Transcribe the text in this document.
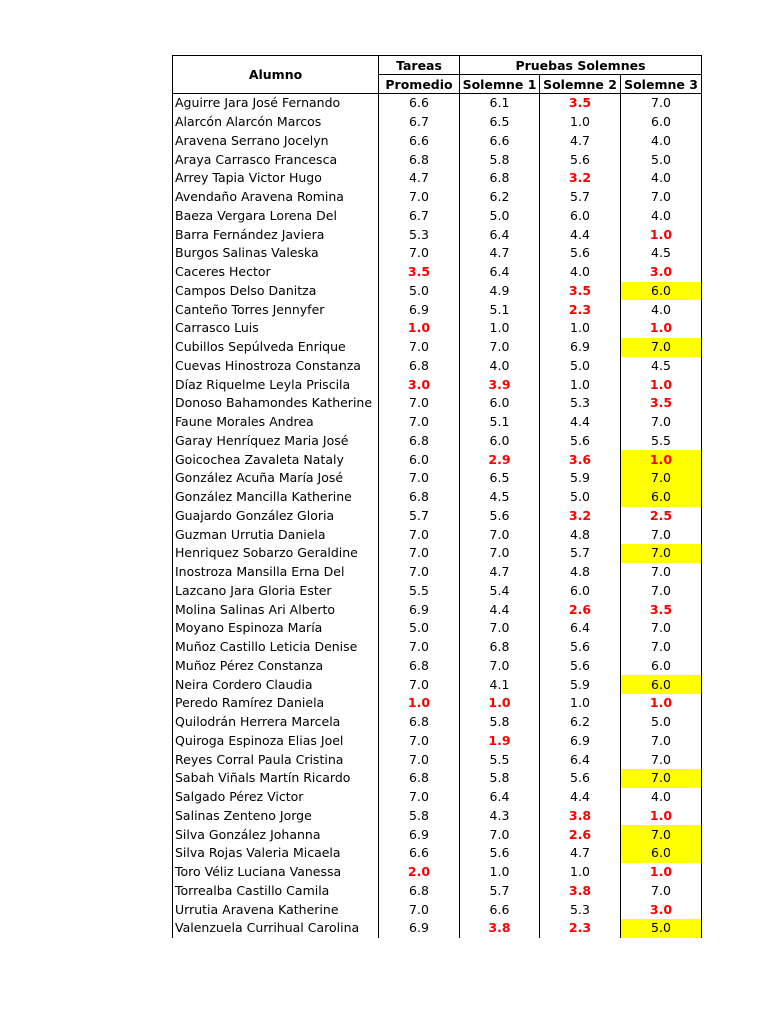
Alumno	Tareas	Pruebas Solemnes		
	Promedio	Solemne 1	Solemne 2	Solemne 3
Aguirre Jara José Fernando	6.6	6.1	3.5	7.0
Alarcón Alarcón Marcos	6.7	6.5	1.0	6.0
Aravena Serrano Jocelyn	6.6	6.6	4.7	4.0
Araya Carrasco Francesca	6.8	5.8	5.6	5.0
Arrey Tapia Victor Hugo	4.7	6.8	3.2	4.0
Avendaño Aravena Romina	7.0	6.2	5.7	7.0
Baeza Vergara Lorena Del	6.7	5.0	6.0	4.0
Barra Fernández Javiera	5.3	6.4	4.4	1.0
Burgos Salinas Valeska	7.0	4.7	5.6	4.5
Caceres Hector	3.5	6.4	4.0	3.0
Campos Delso Danitza	5.0	4.9	3.5	6.0
Canteño Torres Jennyfer	6.9	5.1	2.3	4.0
Carrasco Luis	1.0	1.0	1.0	1.0
Cubillos Sepúlveda Enrique	7.0	7.0	6.9	7.0
Cuevas Hinostroza Constanza	6.8	4.0	5.0	4.5
Díaz Riquelme Leyla Priscila	3.0	3.9	1.0	1.0
Donoso Bahamondes Katherine	7.0	6.0	5.3	3.5
Faune Morales Andrea	7.0	5.1	4.4	7.0
Garay Henríquez Maria José	6.8	6.0	5.6	5.5
Goicochea Zavaleta Nataly	6.0	2.9	3.6	1.0
González Acuña María José	7.0	6.5	5.9	7.0
González Mancilla Katherine	6.8	4.5	5.0	6.0
Guajardo González Gloria	5.7	5.6	3.2	2.5
Guzman Urrutia Daniela	7.0	7.0	4.8	7.0
Henriquez Sobarzo Geraldine	7.0	7.0	5.7	7.0
Inostroza Mansilla Erna Del	7.0	4.7	4.8	7.0
Lazcano Jara Gloria Ester	5.5	5.4	6.0	7.0
Molina Salinas Ari Alberto	6.9	4.4	2.6	3.5
Moyano Espinoza María	5.0	7.0	6.4	7.0
Muñoz Castillo Leticia Denise	7.0	6.8	5.6	7.0
Muñoz Pérez Constanza	6.8	7.0	5.6	6.0
Neira Cordero Claudia	7.0	4.1	5.9	6.0
Peredo Ramírez Daniela	1.0	1.0	1.0	1.0
Quilodrán Herrera Marcela	6.8	5.8	6.2	5.0
Quiroga Espinoza Elias Joel	7.0	1.9	6.9	7.0
Reyes Corral Paula Cristina	7.0	5.5	6.4	7.0
Sabah Viñals Martín Ricardo	6.8	5.8	5.6	7.0
Salgado Pérez Victor	7.0	6.4	4.4	4.0
Salinas Zenteno Jorge	5.8	4.3	3.8	1.0
Silva González Johanna	6.9	7.0	2.6	7.0
Silva Rojas Valeria Micaela	6.6	5.6	4.7	6.0
Toro Véliz Luciana Vanessa	2.0	1.0	1.0	1.0
Torrealba Castillo Camila	6.8	5.7	3.8	7.0
Urrutia Aravena Katherine	7.0	6.6	5.3	3.0
Valenzuela Currihual Carolina	6.9	3.8	2.3	5.0
